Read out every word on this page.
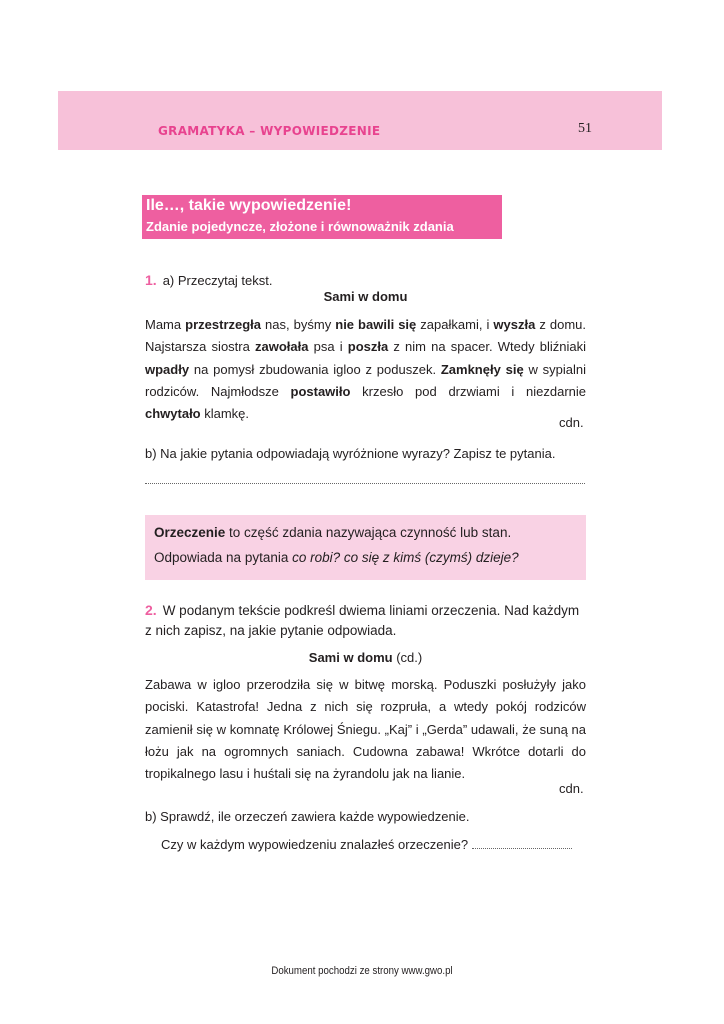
GRAMATYKA – WYPOWIEDZENIE	51
Ile…, takie wypowiedzenie!
Zdanie pojedyncze, złożone i równoważnik zdania
1. a) Przeczytaj tekst.
Sami w domu
Mama przestrzegła nas, byśmy nie bawili się zapałkami, i wyszła z domu. Najstarsza siostra zawołała psa i poszła z nim na spacer. Wtedy bliźniaki wpadły na pomysł zbudowania igloo z poduszek. Zamknęły się w sypialni rodziców. Najmłodsze postawiło krzesło pod drzwiami i niezdarnie chwytało klamkę.
cdn.
b) Na jakie pytania odpowiadają wyróżnione wyrazy? Zapisz te pytania.
Orzeczenie to część zdania nazywająca czynność lub stan.
Odpowiada na pytania co robi? co się z kimś (czymś) dzieje?
2. W podanym tekście podkreśl dwiema liniami orzeczenia. Nad każdym z nich zapisz, na jakie pytanie odpowiada.
Sami w domu (cd.)
Zabawa w igloo przerodziła się w bitwę morską. Poduszki posłużyły jako pociski. Katastrofa! Jedna z nich się rozpruła, a wtedy pokój rodziców zamienił się w komnatę Królowej Śniegu. „Kaj” i „Gerda” udawali, że suną na łożu jak na ogromnych saniach. Cudowna zabawa! Wkrótce dotarli do tropikalnego lasu i huśtali się na żyrandolu jak na lianie.
cdn.
b) Sprawdź, ile orzeczeń zawiera każde wypowiedzenie.
Czy w każdym wypowiedzeniu znalazłeś orzeczenie?
Dokument pochodzi ze strony www.gwo.pl
